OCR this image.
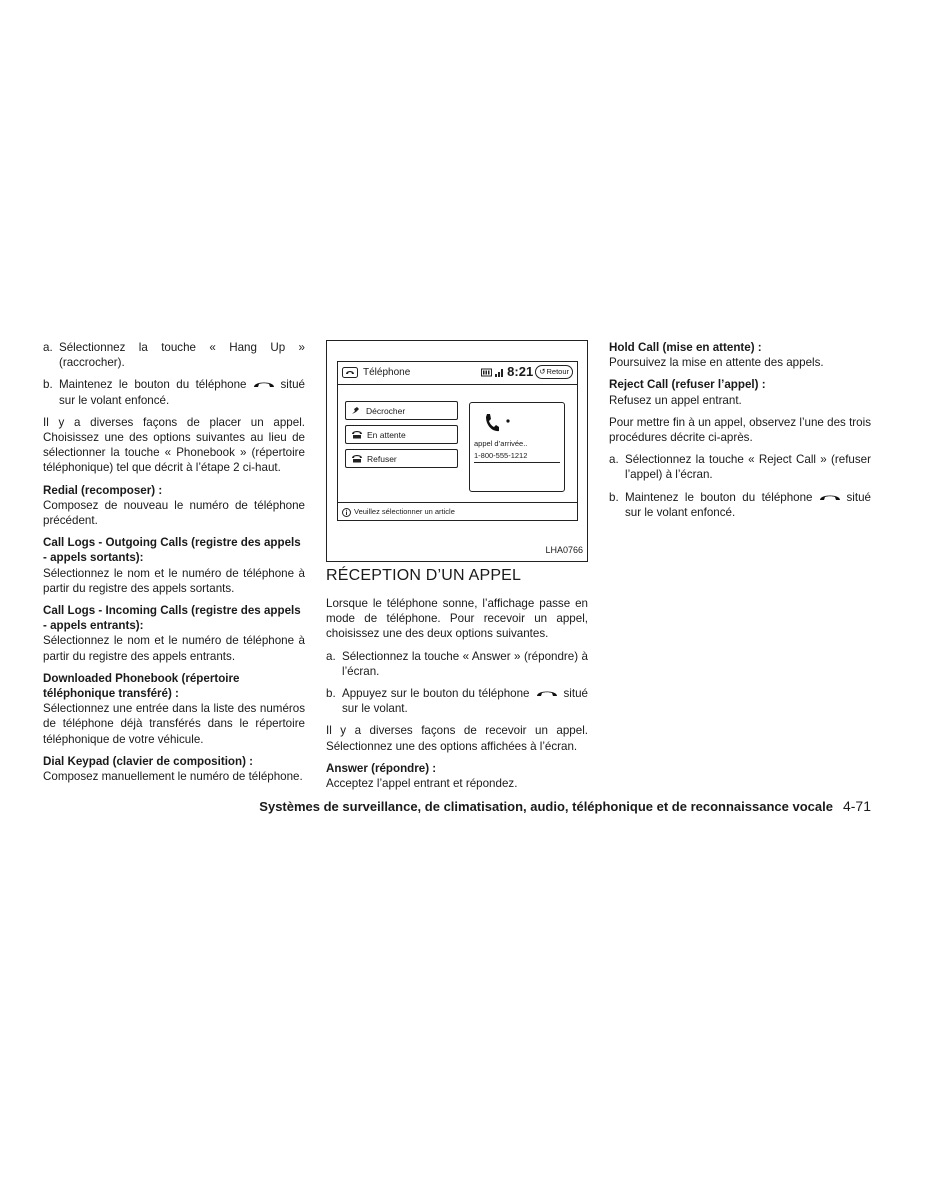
a. Sélectionnez la touche « Hang Up » (raccrocher).
b. Maintenez le bouton du téléphone	situé sur le volant enfoncé.

Il y a diverses façons de placer un appel. Choisissez une des options suivantes au lieu de sélectionner la touche « Phonebook » (répertoire téléphonique) tel que décrit à l’étape 2 ci-haut.

Redial (recomposer) :

Composez de nouveau le numéro de téléphone précédent.

Call Logs - Outgoing Calls (registre des appels - appels sortants):

Sélectionnez le nom et le numéro de téléphone à partir du registre des appels sortants.

Call Logs - Incoming Calls (registre des appels - appels entrants):

Sélectionnez le nom et le numéro de téléphone à partir du registre des appels entrants.

Downloaded Phonebook (répertoire téléphonique transféré) :

Sélectionnez une entrée dans la liste des numéros de téléphone déjà transférés dans le répertoire téléphonique de votre véhicule.

Dial Keypad (clavier de composition) :

Composez manuellement le numéro de téléphone.

Téléphone	8:21 ↺ Retour
Décrocher
En attente
Refuser
appel d’arrivée..
1-800-555-1212
Veuillez sélectionner un article
LHA0766
RÉCEPTION D’UN APPEL

Lorsque le téléphone sonne, l’affichage passe en mode de téléphone. Pour recevoir un appel, choisissez une des deux options suivantes.

a. Sélectionnez la touche « Answer » (répondre) à l’écran.
b. Appuyez sur le bouton du téléphone	situé sur le volant.

Il y a diverses façons de recevoir un appel. Sélectionnez une des options affichées à l’écran.

Answer (répondre) :

Acceptez l’appel entrant et répondez.

Hold Call (mise en attente) :

Poursuivez la mise en attente des appels.

Reject Call (refuser l’appel) :

Refusez un appel entrant.

Pour mettre fin à un appel, observez l’une des trois procédures décrite ci-après.

a. Sélectionnez la touche « Reject Call » (refuser l’appel) à l’écran.
b. Maintenez le bouton du téléphone	situé sur le volant enfoncé.
Systèmes de surveillance, de climatisation, audio, téléphonique et de reconnaissance vocale 4-71
